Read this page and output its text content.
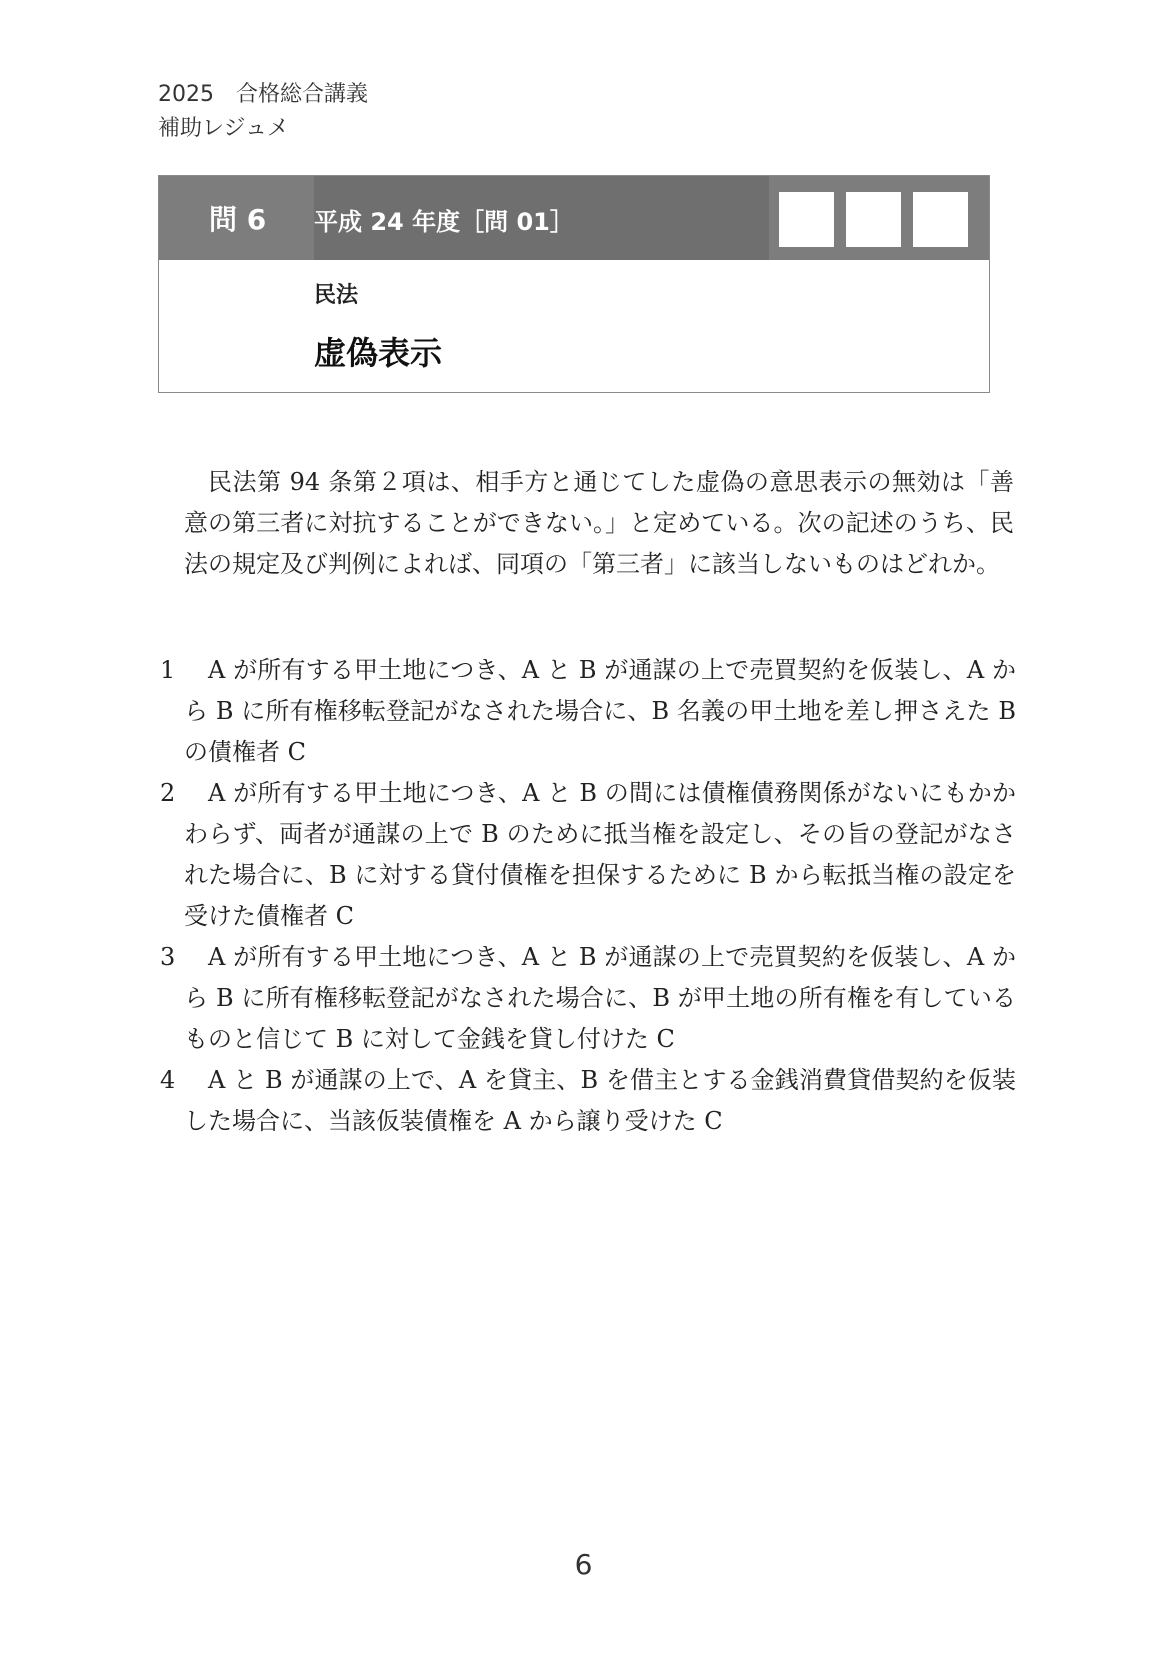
2025　合格総合講義
補助レジュメ
問 6 平成 24 年度［問 01］
民法
虚偽表示

民法第 94 条第２項は、相手方と通じてした虚偽の意思表示の無効は「善意の第三者に対抗することができない。」と定めている。次の記述のうち、民法の規定及び判例によれば、同項の「第三者」に該当しないものはどれか。

1	A が所有する甲土地につき、A と B が通謀の上で売買契約を仮装し、A から B に所有権移転登記がなされた場合に、B 名義の甲土地を差し押さえた B の債権者 C
2	A が所有する甲土地につき、A と B の間には債権債務関係がないにもかかわらず、両者が通謀の上で B のために抵当権を設定し、その旨の登記がなされた場合に、B に対する貸付債権を担保するために B から転抵当権の設定を受けた債権者 C
3	A が所有する甲土地につき、A と B が通謀の上で売買契約を仮装し、A から B に所有権移転登記がなされた場合に、B が甲土地の所有権を有しているものと信じて B に対して金銭を貸し付けた C
4	A と B が通謀の上で、A を貸主、B を借主とする金銭消費貸借契約を仮装した場合に、当該仮装債権を A から譲り受けた C
6
